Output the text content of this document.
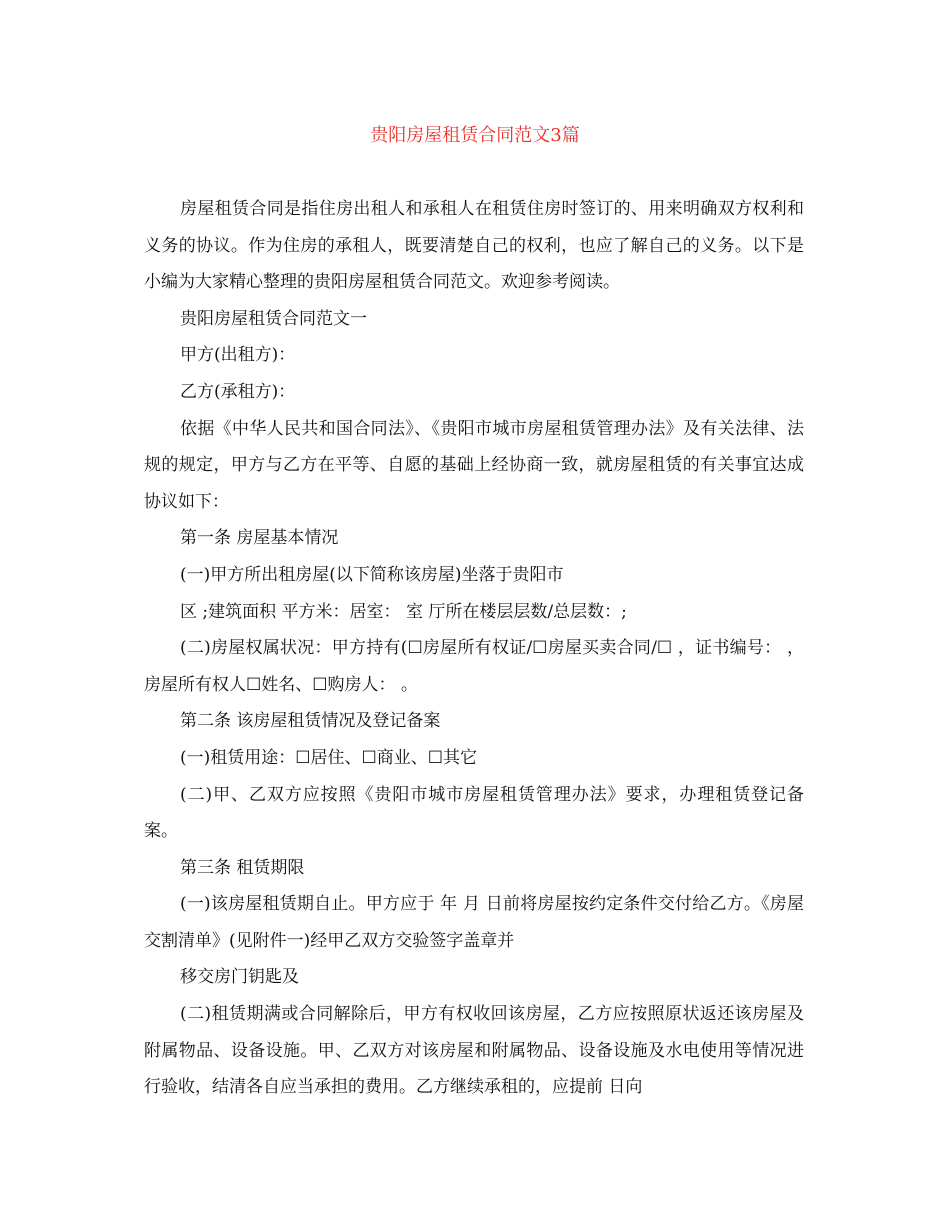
贵阳房屋租赁合同范文3篇

房屋租赁合同是指住房出租人和承租人在租赁住房时签订的、用来明确双方权利和义务的协议。作为住房的承租人，既要清楚自己的权利，也应了解自己的义务。以下是小编为大家精心整理的贵阳房屋租赁合同范文。欢迎参考阅读。

贵阳房屋租赁合同范文一

甲方(出租方)：

乙方(承租方)：

依据《中华人民共和国合同法》、《贵阳市城市房屋租赁管理办法》及有关法律、法规的规定，甲方与乙方在平等、自愿的基础上经协商一致，就房屋租赁的有关事宜达成协议如下：

第一条 房屋基本情况

(一)甲方所出租房屋(以下简称该房屋)坐落于贵阳市

区 ;建筑面积 平方米：居室： 室 厅所在楼层层数/总层数：;

(二)房屋权属状况：甲方持有(☐房屋所有权证/☐房屋买卖合同/☐ ，证书编号： ，房屋所有权人☐姓名、☐购房人： 。

第二条 该房屋租赁情况及登记备案

(一)租赁用途：☐居住、☐商业、☐其它

(二)甲、乙双方应按照《贵阳市城市房屋租赁管理办法》要求，办理租赁登记备案。

第三条 租赁期限

(一)该房屋租赁期自止。甲方应于 年 月 日前将房屋按约定条件交付给乙方。《房屋交割清单》(见附件一)经甲乙双方交验签字盖章并

移交房门钥匙及

(二)租赁期满或合同解除后，甲方有权收回该房屋，乙方应按照原状返还该房屋及附属物品、设备设施。甲、乙双方对该房屋和附属物品、设备设施及水电使用等情况进行验收，结清各自应当承担的费用。乙方继续承租的，应提前 日向
